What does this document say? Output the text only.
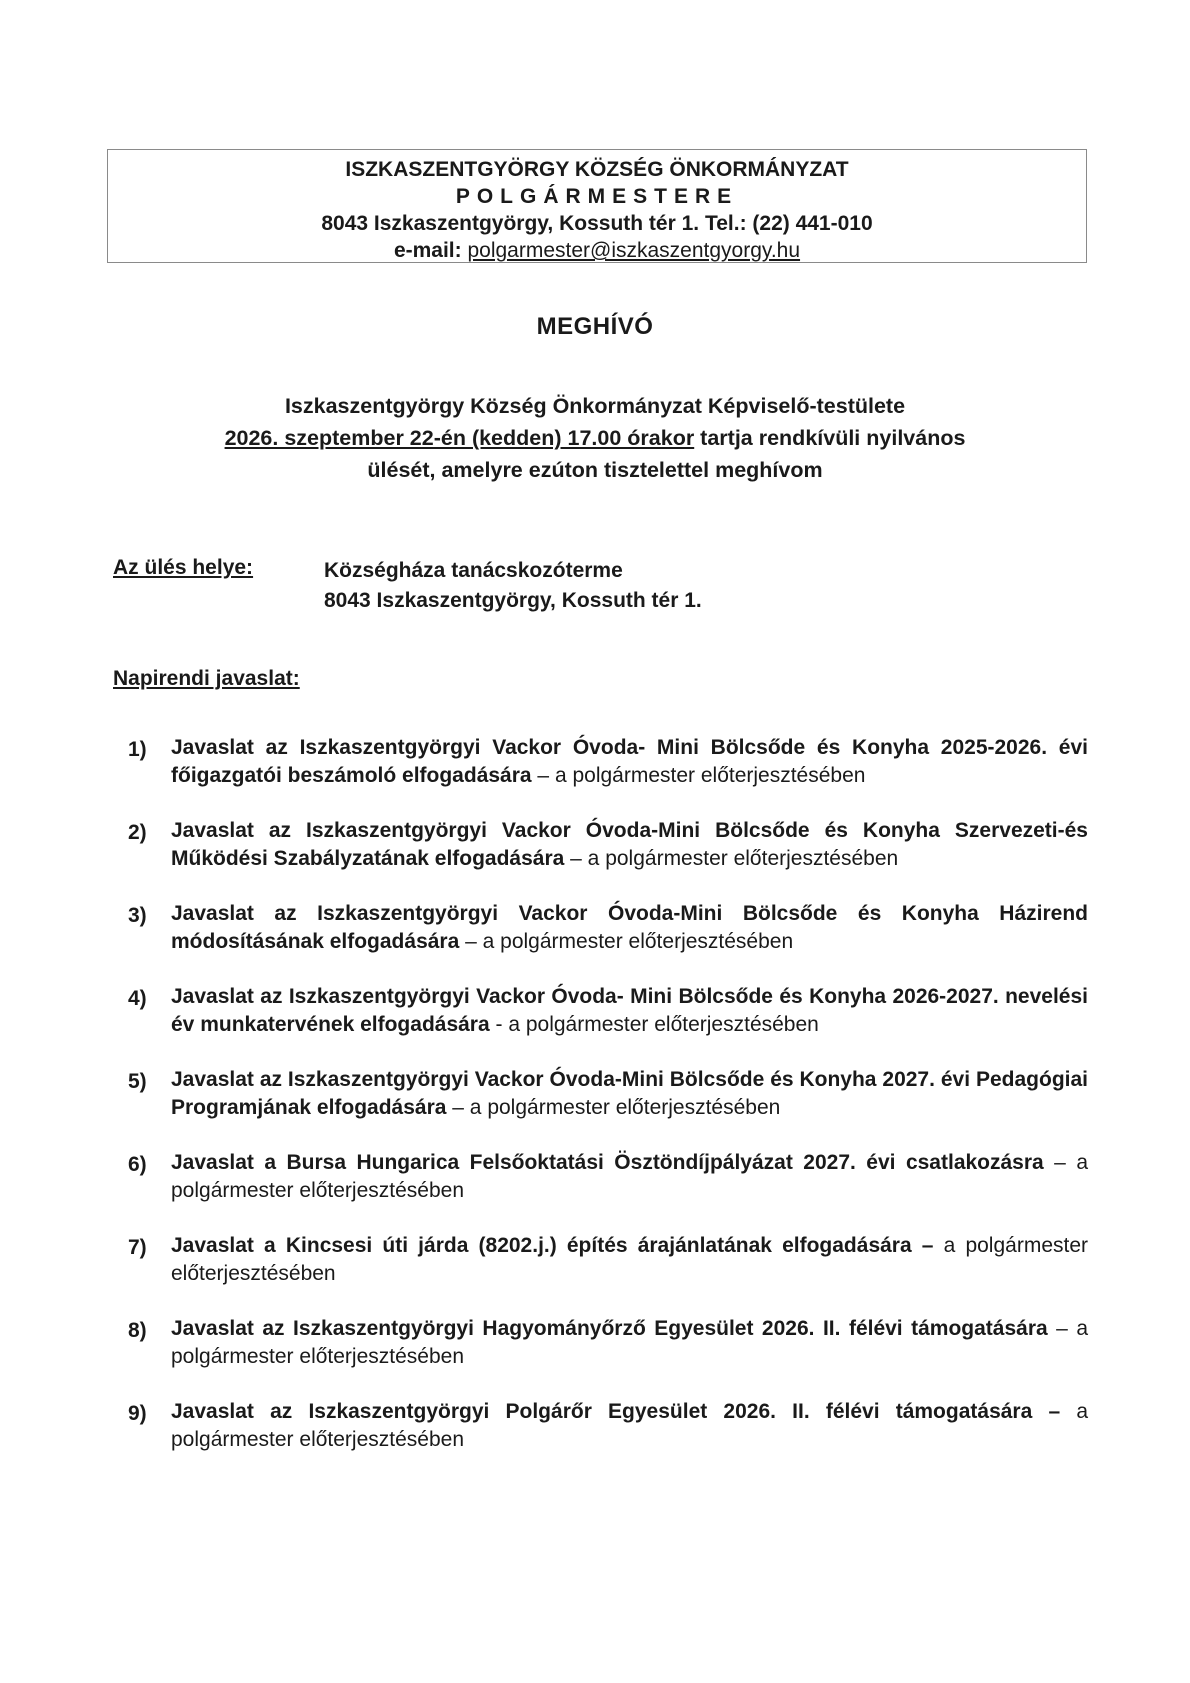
ISZKASZENTGYÖRGY KÖZSÉG ÖNKORMÁNYZAT
POLGÁRMESTERE
8043 Iszkaszentgyörgy, Kossuth tér 1. Tel.: (22) 441-010
e-mail: polgarmester@iszkaszentgyorgy.hu
MEGHÍVÓ
Iszkaszentgyörgy Község Önkormányzat Képviselő-testülete
2026. szeptember 22-én (kedden) 17.00 órakor tartja rendkívüli nyilvános
ülését, amelyre ezúton tisztelettel meghívom
Az ülés helye:	Községháza tanácskozóterme
8043 Iszkaszentgyörgy, Kossuth tér 1.
Napirendi javaslat:
1) Javaslat az Iszkaszentgyörgyi Vackor Óvoda- Mini Bölcsőde és Konyha 2025-2026. évi főigazgatói beszámoló elfogadására – a polgármester előterjesztésében
2) Javaslat az Iszkaszentgyörgyi Vackor Óvoda-Mini Bölcsőde és Konyha Szervezeti-és Működési Szabályzatának elfogadására – a polgármester előterjesztésében
3) Javaslat az Iszkaszentgyörgyi Vackor Óvoda-Mini Bölcsőde és Konyha Házirend módosításának elfogadására – a polgármester előterjesztésében
4) Javaslat az Iszkaszentgyörgyi Vackor Óvoda- Mini Bölcsőde és Konyha 2026-2027. nevelési év munkatervének elfogadására - a polgármester előterjesztésében
5) Javaslat az Iszkaszentgyörgyi Vackor Óvoda-Mini Bölcsőde és Konyha 2027. évi Pedagógiai Programjának elfogadására – a polgármester előterjesztésében
6) Javaslat a Bursa Hungarica Felsőoktatási Ösztöndíjpályázat 2027. évi csatlakozásra – a polgármester előterjesztésében
7) Javaslat a Kincsesi úti járda (8202.j.) építés árajánlatának elfogadására – a polgármester előterjesztésében
8) Javaslat az Iszkaszentgyörgyi Hagyományőrző Egyesület 2026. II. félévi támogatására – a polgármester előterjesztésében
9) Javaslat az Iszkaszentgyörgyi Polgárőr Egyesület 2026. II. félévi támogatására – a polgármester előterjesztésében
